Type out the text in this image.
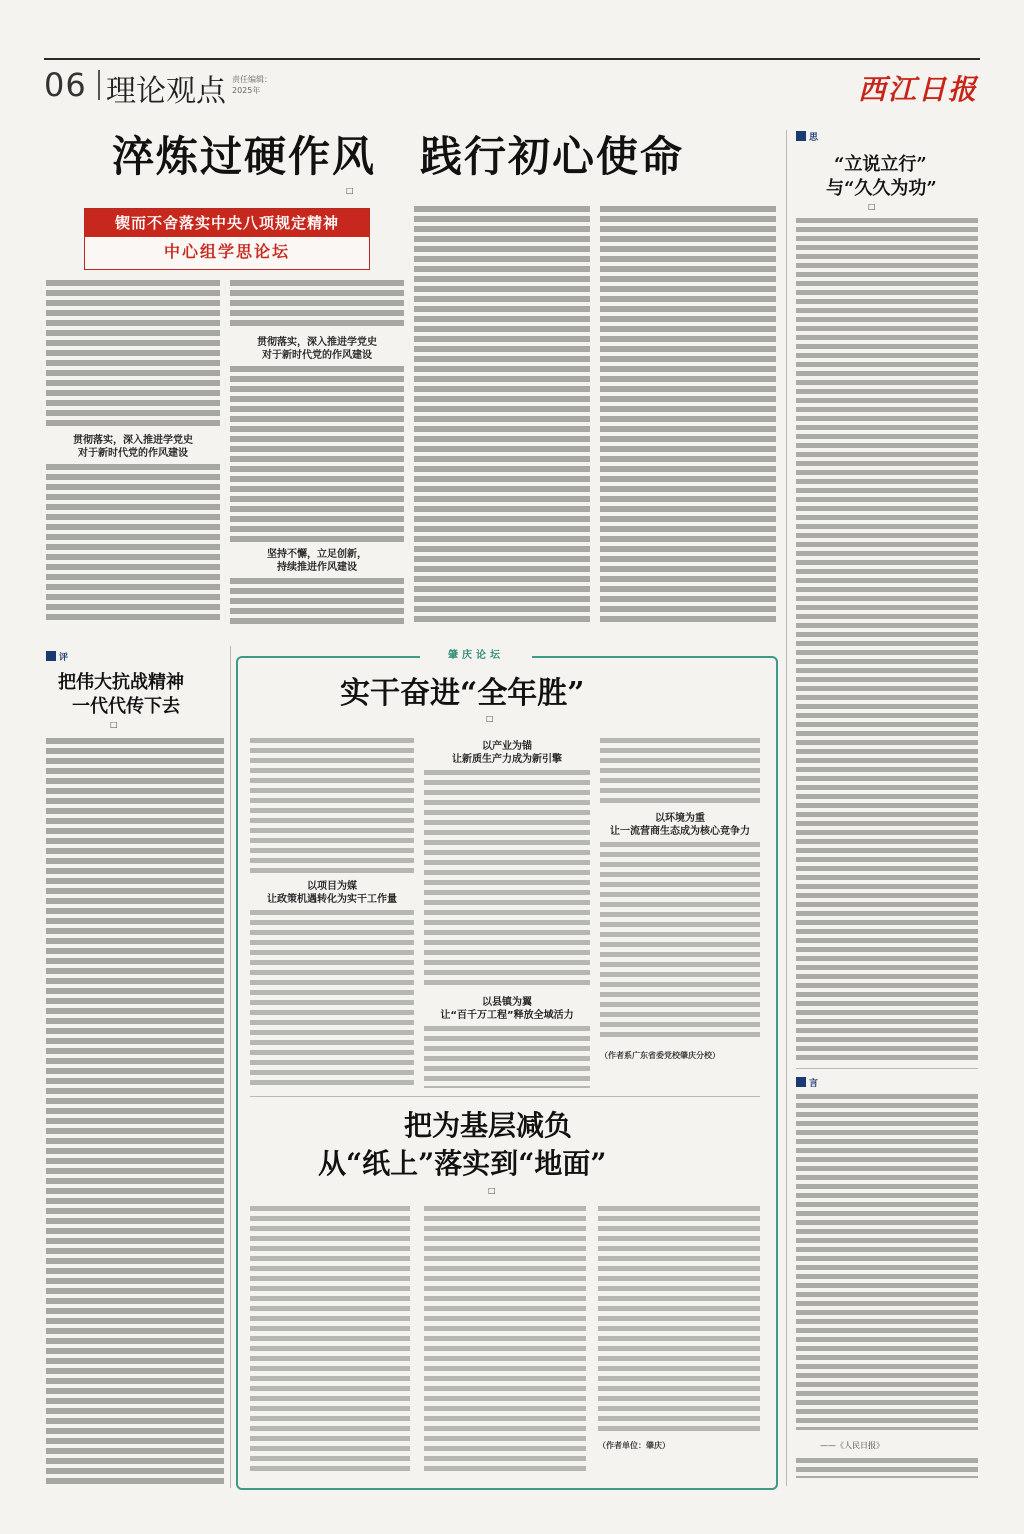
06 理论观点 责任编辑：
2025年	西江日报
淬炼过硬作风　践行初心使命
□
锲而不舍落实中央八项规定精神
中心组学思论坛
贯彻落实，深入推进学党史
对于新时代党的作风建设
贯彻落实，深入推进学党史
对于新时代党的作风建设
坚持不懈，立足创新，
持续推进作风建设
思
“立说立行”
与“久久为功”
□
言
——《人民日报》
评
把伟大抗战精神
一代代传下去
□
肇庆论坛
实干奋进“全年胜”
□
以项目为媒
让政策机遇转化为实干工作量
以产业为锚
让新质生产力成为新引擎
以县镇为翼
让“百千万工程”释放全域活力
以环境为重
让一流营商生态成为核心竞争力
（作者系广东省委党校肇庆分校）
把为基层减负
从“纸上”落实到“地面”
□
（作者单位：肇庆）
